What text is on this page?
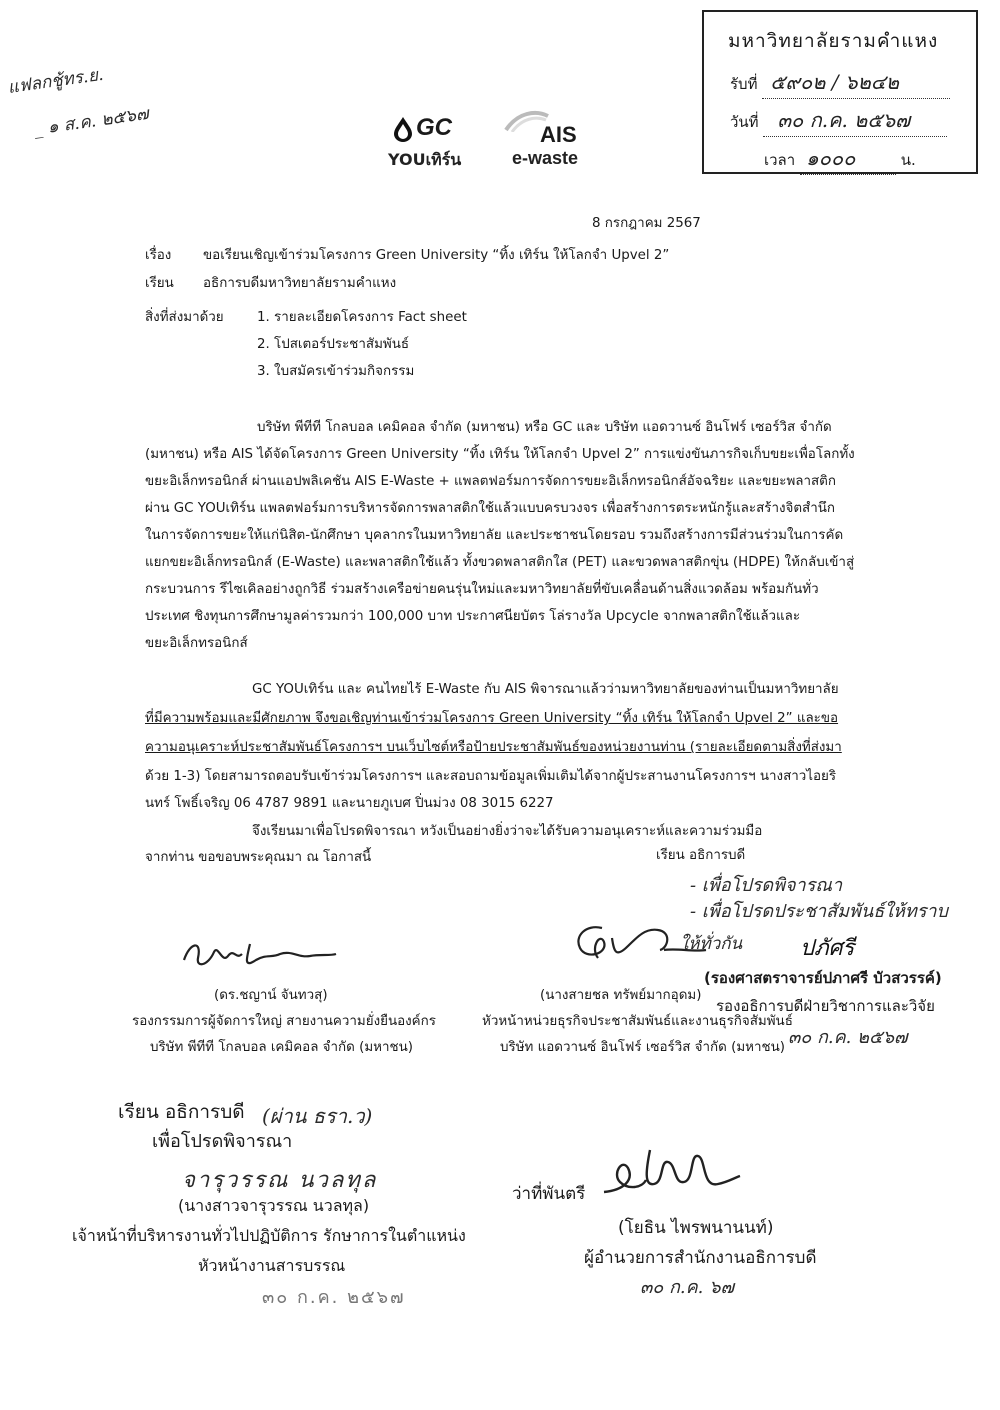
แฟลกชู้ทร.ย.
_ ๑ ส.ค. ๒๕๖๗	GC
YOUเทิร์น
AIS
e-waste
มหาวิทยาลัยรามคำแหง
รับที่ ๕๙๐๒ / ๖๒๔๒
วันที่ ๓๐ ก.ค. ๒๕๖๗
เวลา ๑๐๐๐	น.
8 กรกฎาคม 2567
เรื่อง ขอเรียนเชิญเข้าร่วมโครงการ Green University “ทิ้ง เทิร์น ให้โลกจำ Upvel 2”
เรียน อธิการบดีมหาวิทยาลัยรามคำแหง
สิ่งที่ส่งมาด้วย 1. รายละเอียดโครงการ Fact sheet
2. โปสเตอร์ประชาสัมพันธ์
3. ใบสมัครเข้าร่วมกิจกรรม
บริษัท พีทีที โกลบอล เคมิคอล จำกัด (มหาชน) หรือ GC และ บริษัท แอดวานซ์ อินโฟร์ เซอร์วิส จำกัด
(มหาชน) หรือ AIS ได้จัดโครงการ Green University “ทิ้ง เทิร์น ให้โลกจำ Upvel 2” การแข่งขันภารกิจเก็บขยะเพื่อโลกทั้ง
ขยะอิเล็กทรอนิกส์ ผ่านแอปพลิเคชัน AIS E-Waste + แพลตฟอร์มการจัดการขยะอิเล็กทรอนิกส์อัจฉริยะ และขยะพลาสติก
ผ่าน GC YOUเทิร์น แพลตฟอร์มการบริหารจัดการพลาสติกใช้แล้วแบบครบวงจร เพื่อสร้างการตระหนักรู้และสร้างจิตสำนึก
ในการจัดการขยะให้แก่นิสิต-นักศึกษา บุคลากรในมหาวิทยาลัย และประชาชนโดยรอบ รวมถึงสร้างการมีส่วนร่วมในการคัด
แยกขยะอิเล็กทรอนิกส์ (E-Waste) และพลาสติกใช้แล้ว ทั้งขวดพลาสติกใส (PET) และขวดพลาสติกขุ่น (HDPE) ให้กลับเข้าสู่
กระบวนการ รีไซเคิลอย่างถูกวิธี ร่วมสร้างเครือข่ายคนรุ่นใหม่และมหาวิทยาลัยที่ขับเคลื่อนด้านสิ่งแวดล้อม พร้อมกันทั่ว
ประเทศ ชิงทุนการศึกษามูลค่ารวมกว่า 100,000 บาท ประกาศนียบัตร โล่รางวัล Upcycle จากพลาสติกใช้แล้วและ
ขยะอิเล็กทรอนิกส์
GC YOUเทิร์น และ คนไทยไร้ E-Waste กับ AIS พิจารณาแล้วว่ามหาวิทยาลัยของท่านเป็นมหาวิทยาลัย
ที่มีความพร้อมและมีศักยภาพ จึงขอเชิญท่านเข้าร่วมโครงการ Green University “ทิ้ง เทิร์น ให้โลกจำ Upvel 2” และขอ
ความอนุเคราะห์ประชาสัมพันธ์โครงการฯ บนเว็บไซต์หรือป้ายประชาสัมพันธ์ของหน่วยงานท่าน (รายละเอียดตามสิ่งที่ส่งมา
ด้วย 1-3) โดยสามารถตอบรับเข้าร่วมโครงการฯ และสอบถามข้อมูลเพิ่มเติมได้จากผู้ประสานงานโครงการฯ นางสาวไอยริ
นทร์ โพธิ์เจริญ 06 4787 9891 และนายภูเบศ ปิ่นม่วง 08 3015 6227
จึงเรียนมาเพื่อโปรดพิจารณา หวังเป็นอย่างยิ่งว่าจะได้รับความอนุเคราะห์และความร่วมมือ
จากท่าน ขอขอบพระคุณมา ณ โอกาสนี้	เรียน อธิการบดี
- เพื่อโปรดพิจารณา
- เพื่อโปรดประชาสัมพันธ์ให้ทราบ
ให้ทั่วกัน	ปภัศรี
(รองศาสตราจารย์ปภาศรี บัวสวรรค์)
รองอธิการบดีฝ่ายวิชาการและวิจัย
๓๐ ก.ค. ๒๕๖๗
(ดร.ชญาน์ จันทวสุ)
รองกรรมการผู้จัดการใหญ่ สายงานความยั่งยืนองค์กร
บริษัท พีทีที โกลบอล เคมิคอล จำกัด (มหาชน)
(นางสายชล ทรัพย์มากอุดม)
หัวหน้าหน่วยธุรกิจประชาสัมพันธ์และงานธุรกิจสัมพันธ์
บริษัท แอดวานซ์ อินโฟร์ เซอร์วิส จำกัด (มหาชน)
เรียน อธิการบดี (ผ่าน ธรา.ว)
เพื่อโปรดพิจารณา
จารุวรรณ นวลทุล
(นางสาวจารุวรรณ นวลทุล)
เจ้าหน้าที่บริหารงานทั่วไปปฏิบัติการ รักษาการในตำแหน่ง
หัวหน้างานสารบรรณ
๓๐ ก.ค. ๒๕๖๗
ว่าที่พันตรี
(โยธิน ไพรพนานนท์)
ผู้อำนวยการสำนักงานอธิการบดี
๓๐ ก.ค. ๖๗
